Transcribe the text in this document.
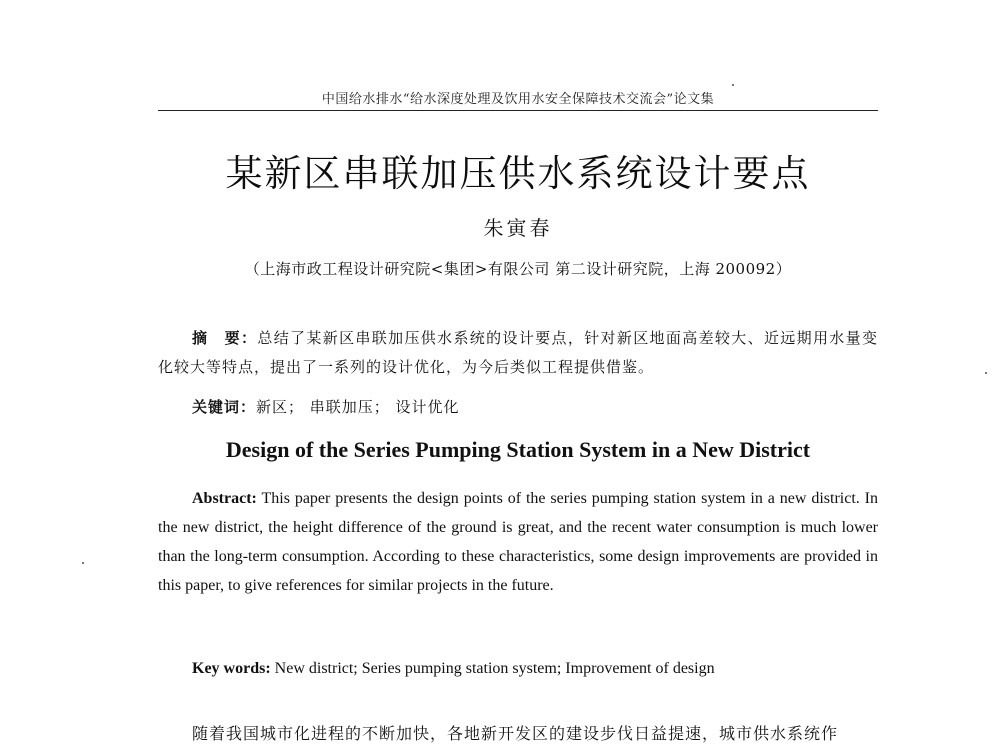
中国给水排水“给水深度处理及饮用水安全保障技术交流会”论文集
某新区串联加压供水系统设计要点
朱寅春
（上海市政工程设计研究院<集团>有限公司 第二设计研究院，上海 200092）
摘　要：总结了某新区串联加压供水系统的设计要点，针对新区地面高差较大、近远期用水量变化较大等特点，提出了一系列的设计优化，为今后类似工程提供借鉴。
关键词：新区； 串联加压； 设计优化
Design of the Series Pumping Station System in a New District
Abstract: This paper presents the design points of the series pumping station system in a new district. In the new district, the height difference of the ground is great, and the recent water consumption is much lower than the long-term consumption. According to these characteristics, some design improvements are provided in this paper, to give references for similar projects in the future.
Key words: New district; Series pumping station system; Improvement of design
随着我国城市化进程的不断加快，各地新开发区的建设步伐日益提速，城市供水系统作
